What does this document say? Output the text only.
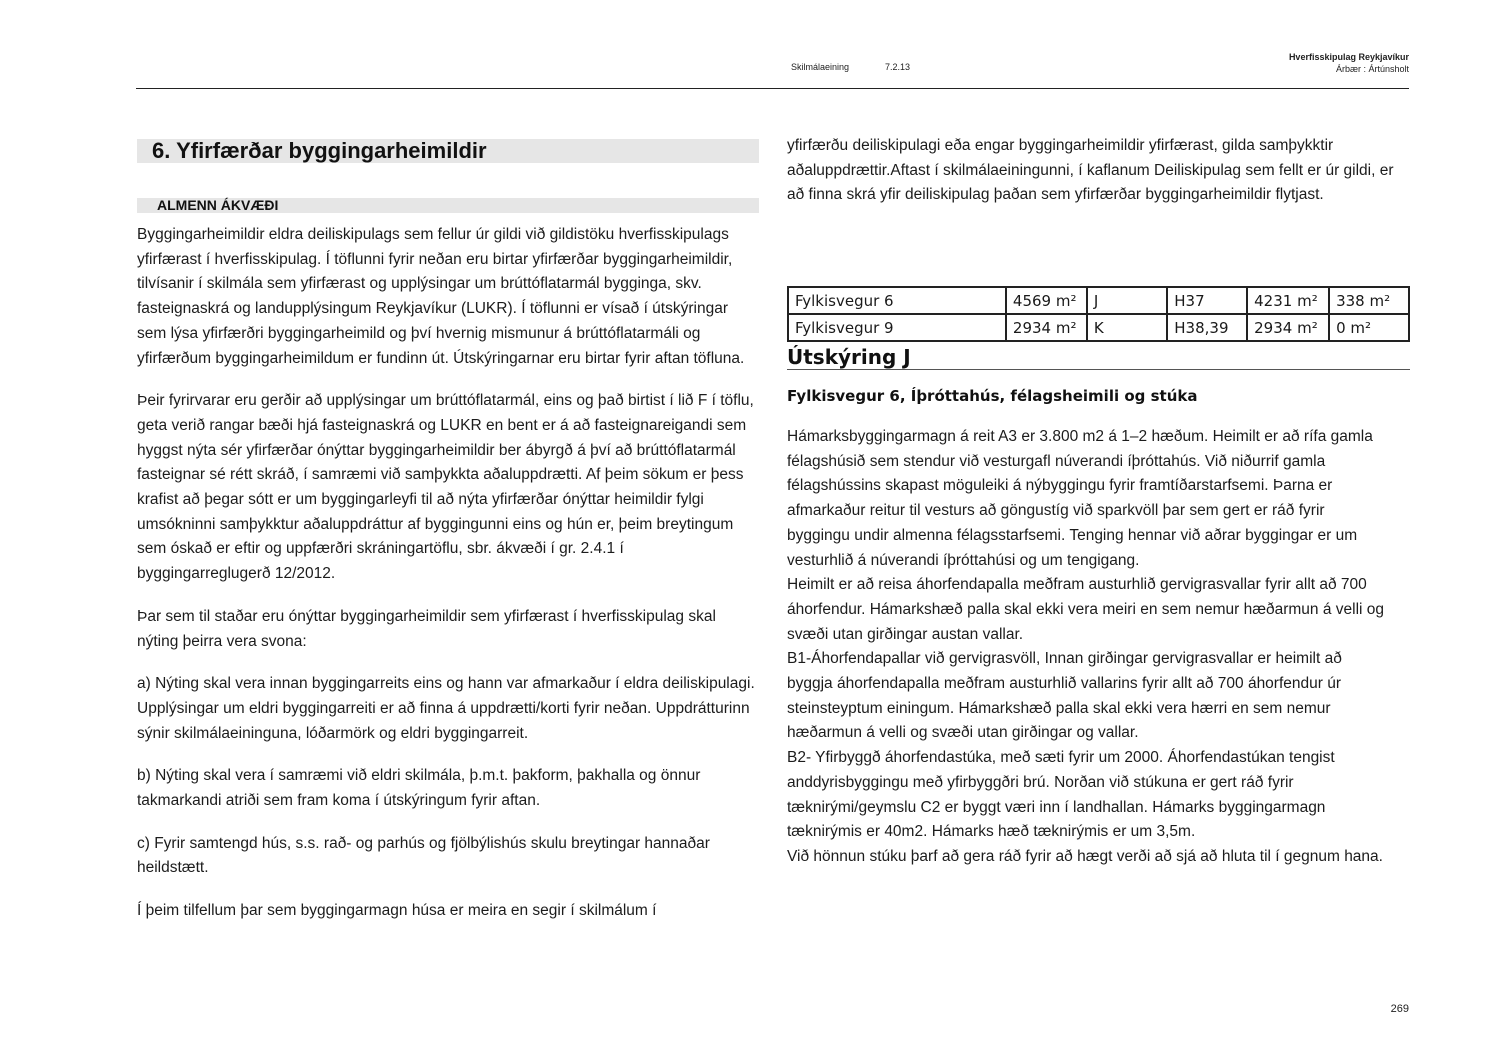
Skilmálaeining	7.2.13
Hverfisskipulag Reykjavíkur
Árbær : Ártúnsholt
6. Yfirfærðar byggingarheimildir
ALMENN ÁKVÆÐI

Byggingarheimildir eldra deiliskipulags sem fellur úr gildi við gildistöku hverfisskipulags yfirfærast í hverfisskipulag. Í töflunni fyrir neðan eru birtar yfirfærðar byggingarheimildir, tilvísanir í skilmála sem yfirfærast og upplýsingar um brúttóflatarmál bygginga, skv. fasteignaskrá og landupplýsingum Reykjavíkur (LUKR). Í töflunni er vísað í útskýringar sem lýsa yfirfærðri byggingarheimild og því hvernig mismunur á brúttóflatarmáli og yfirfærðum byggingarheimildum er fundinn út. Útskýringarnar eru birtar fyrir aftan töfluna.

Þeir fyrirvarar eru gerðir að upplýsingar um brúttóflatarmál, eins og það birtist í lið F í töflu, geta verið rangar bæði hjá fasteignaskrá og LUKR en bent er á að fasteignareigandi sem hyggst nýta sér yfirfærðar ónýttar byggingarheimildir ber ábyrgð á því að brúttóflatarmál fasteignar sé rétt skráð, í samræmi við samþykkta aðaluppdrætti. Af þeim sökum er þess krafist að þegar sótt er um byggingarleyfi til að nýta yfirfærðar ónýttar heimildir fylgi umsókninni samþykktur aðaluppdráttur af byggingunni eins og hún er, þeim breytingum sem óskað er eftir og uppfærðri skráningartöflu, sbr. ákvæði í gr. 2.4.1 í byggingarreglugerð 12/2012.

Þar sem til staðar eru ónýttar byggingarheimildir sem yfirfærast í hverfisskipulag skal nýting þeirra vera svona:

a) Nýting skal vera innan byggingarreits eins og hann var afmarkaður í eldra deiliskipulagi. Upplýsingar um eldri byggingarreiti er að finna á uppdrætti/korti fyrir neðan. Uppdrátturinn sýnir skilmálaeininguna, lóðarmörk og eldri byggingarreit.

b) Nýting skal vera í samræmi við eldri skilmála, þ.m.t. þakform, þakhalla og önnur takmarkandi atriði sem fram koma í útskýringum fyrir aftan.

c) Fyrir samtengd hús, s.s. rað- og parhús og fjölbýlishús skulu breytingar hannaðar heildstætt.

Í þeim tilfellum þar sem byggingarmagn húsa er meira en segir í skilmálum í

yfirfærðu deiliskipulagi eða engar byggingarheimildir yfirfærast, gilda samþykktir aðaluppdrættir.Aftast í skilmálaeiningunni, í kaflanum Deiliskipulag sem fellt er úr gildi, er að finna skrá yfir deiliskipulag þaðan sem yfirfærðar byggingarheimildir flytjast.

Fylkisvegur 6	4569 m²	J	H37	4231 m²	338 m²
Fylkisvegur 9	2934 m²	K	H38,39	2934 m²	0 m²
Útskýring J
Fylkisvegur 6, Íþróttahús, félagsheimili og stúka

Hámarksbyggingarmagn á reit A3 er 3.800 m2 á 1–2 hæðum. Heimilt er að rífa gamla félagshúsið sem stendur við vesturgafl núverandi íþróttahús. Við niðurrif gamla félagshússins skapast möguleiki á nýbyggingu fyrir framtíðarstarfsemi. Þarna er afmarkaður reitur til vesturs að göngustíg við sparkvöll þar sem gert er ráð fyrir byggingu undir almenna félagsstarfsemi. Tenging hennar við aðrar byggingar er um vesturhlið á núverandi íþróttahúsi og um tengigang.

Heimilt er að reisa áhorfendapalla meðfram austurhlið gervigrasvallar fyrir allt að 700 áhorfendur. Hámarkshæð palla skal ekki vera meiri en sem nemur hæðarmun á velli og svæði utan girðingar austan vallar.

B1-Áhorfendapallar við gervigrasvöll, Innan girðingar gervigrasvallar er heimilt að byggja áhorfendapalla meðfram austurhlið vallarins fyrir allt að 700 áhorfendur úr steinsteyptum einingum. Hámarkshæð palla skal ekki vera hærri en sem nemur hæðarmun á velli og svæði utan girðingar og vallar.

B2- Yfirbyggð áhorfendastúka, með sæti fyrir um 2000. Áhorfendastúkan tengist anddyrisbyggingu með yfirbyggðri brú. Norðan við stúkuna er gert ráð fyrir tæknirými/geymslu C2 er byggt væri inn í landhallan. Hámarks byggingarmagn tæknirýmis er 40m2. Hámarks hæð tæknirýmis er um 3,5m.

Við hönnun stúku þarf að gera ráð fyrir að hægt verði að sjá að hluta til í gegnum hana.

269
